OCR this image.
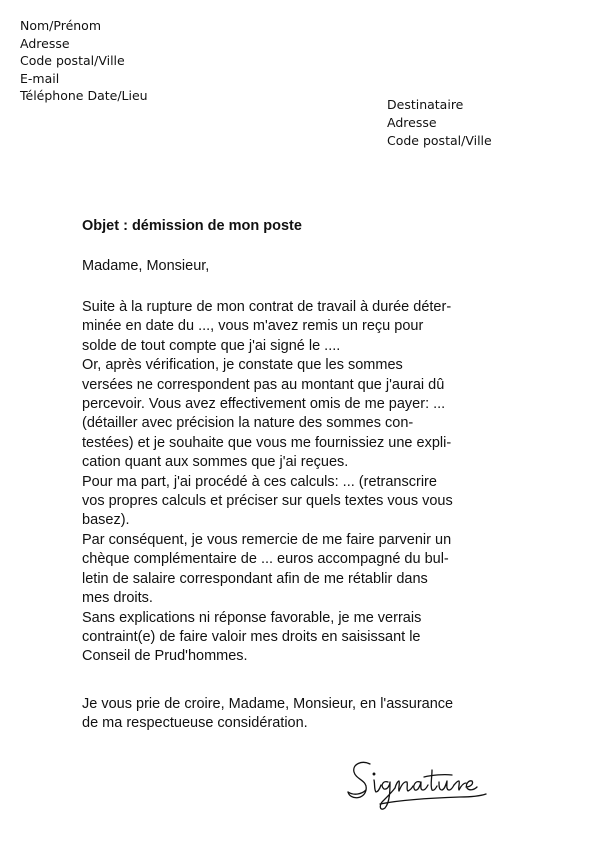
Nom/Prénom
Adresse
Code postal/Ville
E-mail
Téléphone Date/Lieu
Destinataire
Adresse
Code postal/Ville
Objet : démission de mon poste
Madame, Monsieur,
Suite à la rupture de mon contrat de travail à durée déter-
minée en date du ..., vous m'avez remis un reçu pour
solde de tout compte que j'ai signé le ....
Or, après vérification, je constate que les sommes
versées ne correspondent pas au montant que j'aurai dû
percevoir. Vous avez effectivement omis de me payer: ...
(détailler avec précision la nature des sommes con-
testées) et je souhaite que vous me fournissiez une expli-
cation quant aux sommes que j'ai reçues.
Pour ma part, j'ai procédé à ces calculs: ... (retranscrire
vos propres calculs et préciser sur quels textes vous vous
basez).
Par conséquent, je vous remercie de me faire parvenir un
chèque complémentaire de ... euros accompagné du bul-
letin de salaire correspondant afin de me rétablir dans
mes droits.
Sans explications ni réponse favorable, je me verrais
contraint(e) de faire valoir mes droits en saisissant le
Conseil de Prud'hommes.
Je vous prie de croire, Madame, Monsieur, en l'assurance
de ma respectueuse considération.
